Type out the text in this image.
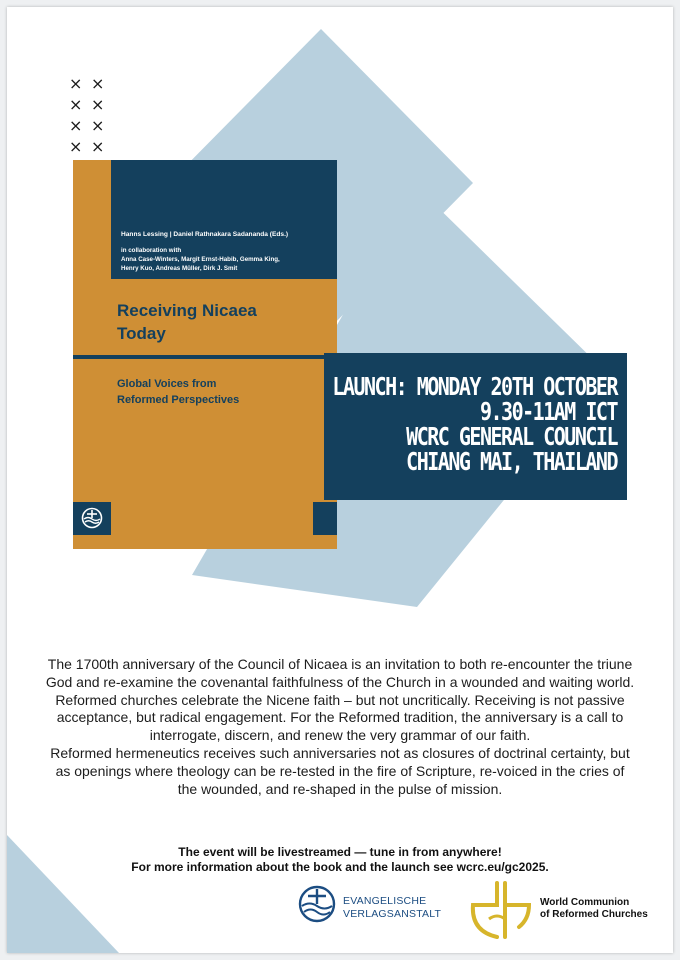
× × × × × × × ×
Hanns Lessing | Daniel Rathnakara Sadananda (Eds.)
in collaboration with
Anna Case-Winters, Margit Ernst-Habib, Gemma King,
Henry Kuo, Andreas Müller, Dirk J. Smit
Receiving Nicaea
Today
Global Voices from
Reformed Perspectives	LAUNCH: MONDAY 20TH OCTOBER
9.30-11AM ICT
WCRC GENERAL COUNCIL
CHIANG MAI, THAILAND

The 1700th anniversary of the Council of Nicaea is an invitation to both re-encounter the triune God and re-examine the covenantal faithfulness of the Church in a wounded and waiting world.

Reformed churches celebrate the Nicene faith – but not uncritically. Receiving is not passive acceptance, but radical engagement. For the Reformed tradition, the anniversary is a call to interrogate, discern, and renew the very grammar of our faith.

Reformed hermeneutics receives such anniversaries not as closures of doctrinal certainty, but as openings where theology can be re-tested in the fire of Scripture, re-voiced in the cries of the wounded, and re-shaped in the pulse of mission.

The event will be livestreamed — tune in from anywhere!

For more information about the book and the launch see wcrc.eu/gc2025.

EVANGELISCHE
VERLAGSANSTALT
World Communion
of Reformed Churches
